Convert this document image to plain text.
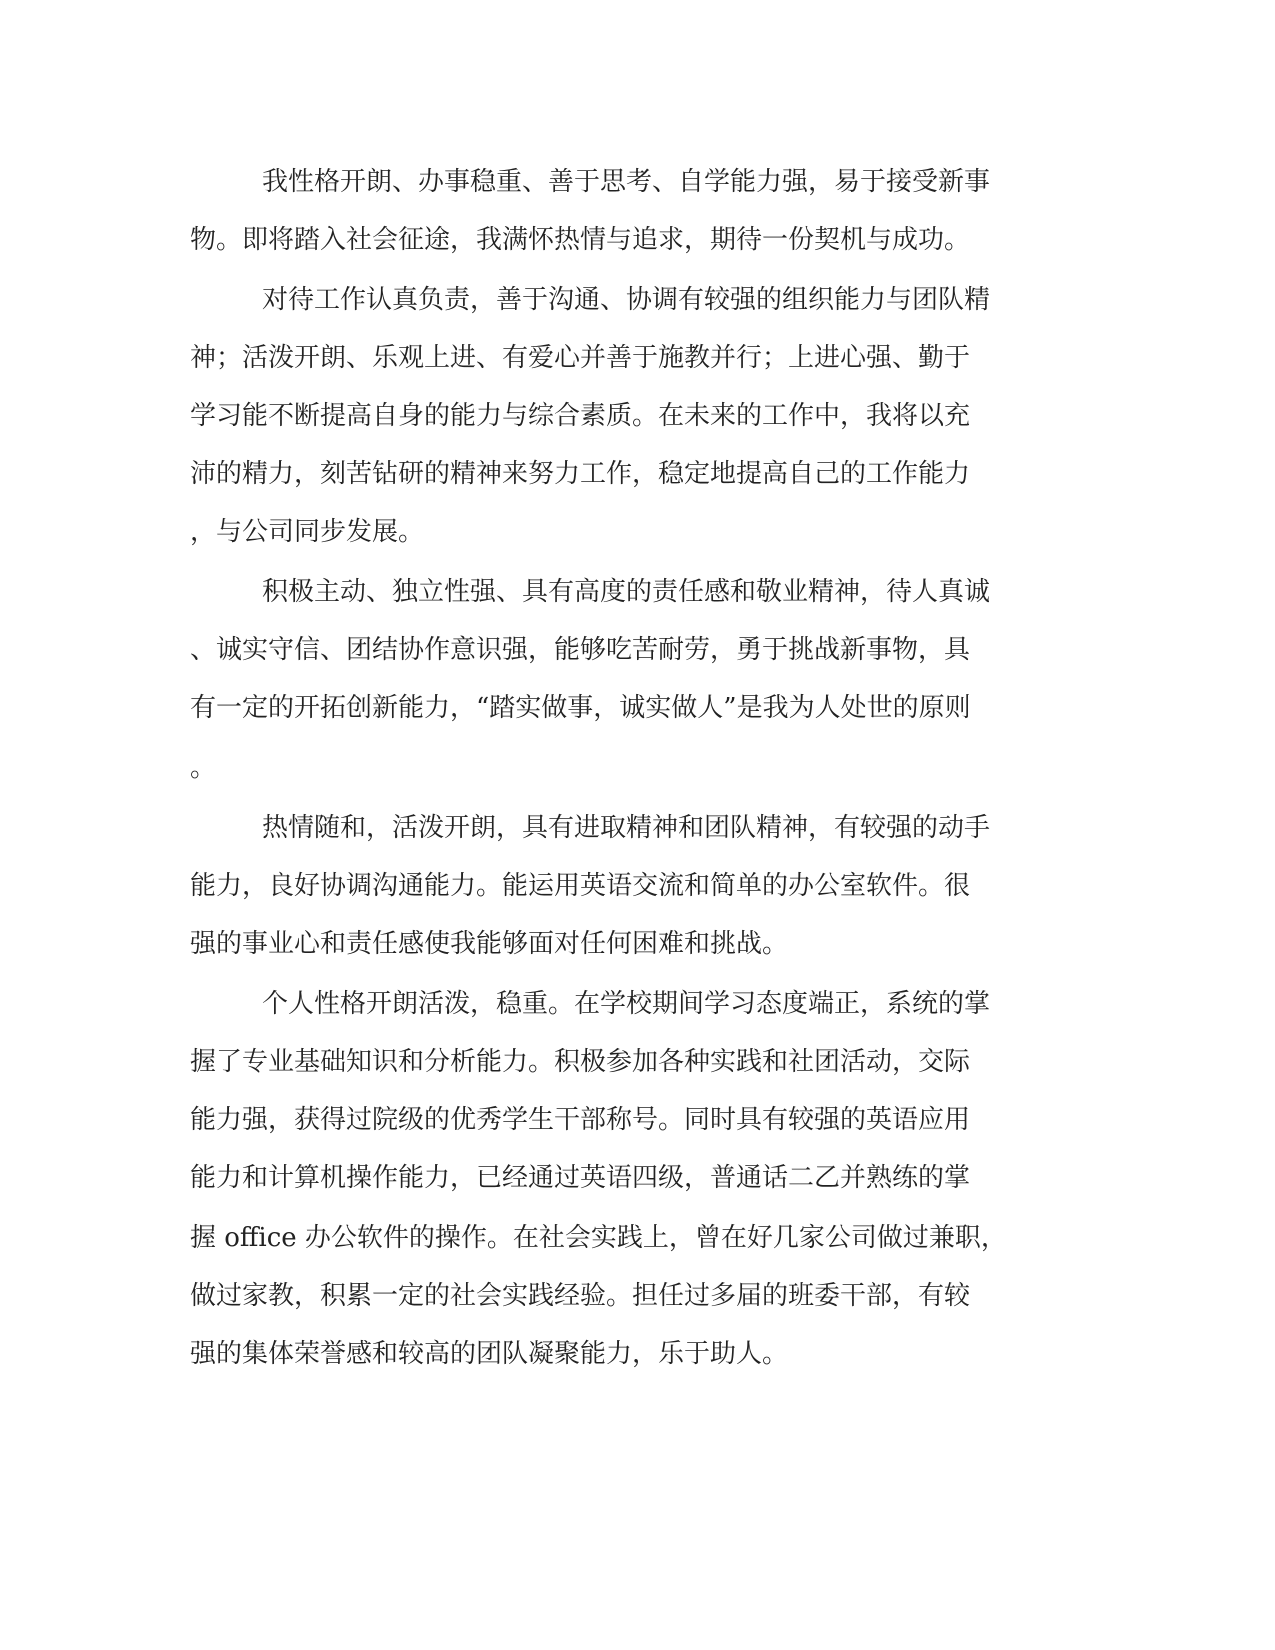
我性格开朗、办事稳重、善于思考、自学能力强，易于接受新事

物。即将踏入社会征途，我满怀热情与追求，期待一份契机与成功。

对待工作认真负责，善于沟通、协调有较强的组织能力与团队精

神；活泼开朗、乐观上进、有爱心并善于施教并行；上进心强、勤于

学习能不断提高自身的能力与综合素质。在未来的工作中，我将以充

沛的精力，刻苦钻研的精神来努力工作，稳定地提高自己的工作能力

，与公司同步发展。

积极主动、独立性强、具有高度的责任感和敬业精神，待人真诚

、诚实守信、团结协作意识强，能够吃苦耐劳，勇于挑战新事物，具

有一定的开拓创新能力，“踏实做事，诚实做人”是我为人处世的原则

。

热情随和，活泼开朗，具有进取精神和团队精神，有较强的动手

能力，良好协调沟通能力。能运用英语交流和简单的办公室软件。很

强的事业心和责任感使我能够面对任何困难和挑战。

个人性格开朗活泼，稳重。在学校期间学习态度端正，系统的掌

握了专业基础知识和分析能力。积极参加各种实践和社团活动，交际

能力强，获得过院级的优秀学生干部称号。同时具有较强的英语应用

能力和计算机操作能力，已经通过英语四级，普通话二乙并熟练的掌

握 office 办公软件的操作。在社会实践上，曾在好几家公司做过兼职，

做过家教，积累一定的社会实践经验。担任过多届的班委干部，有较

强的集体荣誉感和较高的团队凝聚能力，乐于助人。
